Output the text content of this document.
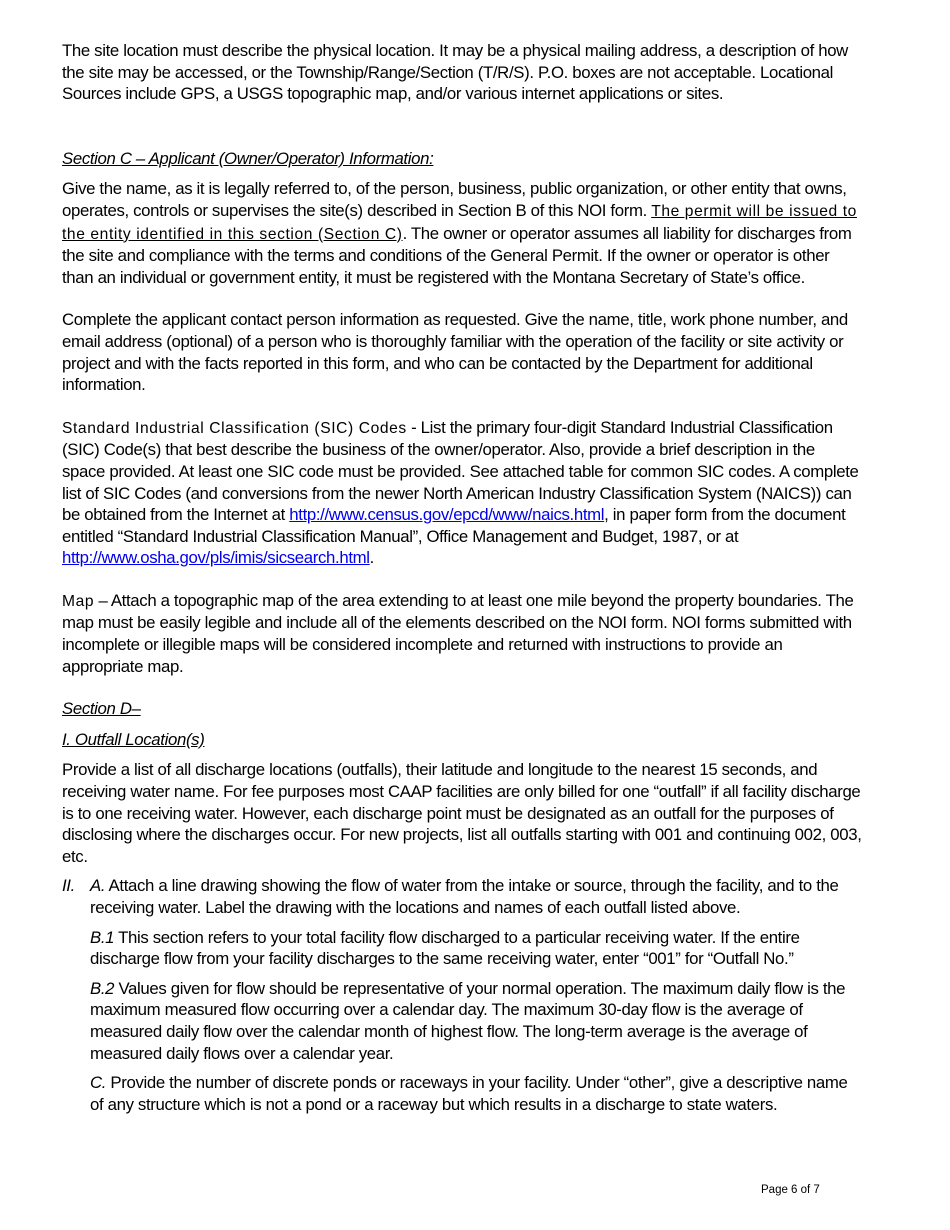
The site location must describe the physical location. It may be a physical mailing address, a description of how the site may be accessed, or the Township/Range/Section (T/R/S). P.O. boxes are not acceptable. Locational Sources include GPS, a USGS topographic map, and/or various internet applications or sites.

Section C – Applicant (Owner/Operator) Information:

Give the name, as it is legally referred to, of the person, business, public organization, or other entity that owns, operates, controls or supervises the site(s) described in Section B of this NOI form. The permit will be issued to the entity identified in this section (Section C). The owner or operator assumes all liability for discharges from the site and compliance with the terms and conditions of the General Permit. If the owner or operator is other than an individual or government entity, it must be registered with the Montana Secretary of State’s office.

Complete the applicant contact person information as requested. Give the name, title, work phone number, and email address (optional) of a person who is thoroughly familiar with the operation of the facility or site activity or project and with the facts reported in this form, and who can be contacted by the Department for additional information.

Standard Industrial Classification (SIC) Codes - List the primary four-digit Standard Industrial Classification (SIC) Code(s) that best describe the business of the owner/operator. Also, provide a brief description in the space provided. At least one SIC code must be provided. See attached table for common SIC codes. A complete list of SIC Codes (and conversions from the newer North American Industry Classification System (NAICS)) can be obtained from the Internet at http://www.census.gov/epcd/www/naics.html, in paper form from the document entitled “Standard Industrial Classification Manual”, Office Management and Budget, 1987, or at http://www.osha.gov/pls/imis/sicsearch.html.

Map – Attach a topographic map of the area extending to at least one mile beyond the property boundaries. The map must be easily legible and include all of the elements described on the NOI form. NOI forms submitted with incomplete or illegible maps will be considered incomplete and returned with instructions to provide an appropriate map.

Section D–

I. Outfall Location(s)

Provide a list of all discharge locations (outfalls), their latitude and longitude to the nearest 15 seconds, and receiving water name. For fee purposes most CAAP facilities are only billed for one “outfall” if all facility discharge is to one receiving water. However, each discharge point must be designated as an outfall for the purposes of disclosing where the discharges occur. For new projects, list all outfalls starting with 001 and continuing 002, 003, etc.

II. A. Attach a line drawing showing the flow of water from the intake or source, through the facility, and to the receiving water. Label the drawing with the locations and names of each outfall listed above.

B.1 This section refers to your total facility flow discharged to a particular receiving water. If the entire discharge flow from your facility discharges to the same receiving water, enter “001” for “Outfall No.”

B.2 Values given for flow should be representative of your normal operation. The maximum daily flow is the maximum measured flow occurring over a calendar day. The maximum 30-day flow is the average of measured daily flow over the calendar month of highest flow. The long-term average is the average of measured daily flows over a calendar year.

C. Provide the number of discrete ponds or raceways in your facility. Under “other”, give a descriptive name of any structure which is not a pond or a raceway but which results in a discharge to state waters.

Page 6 of 7
